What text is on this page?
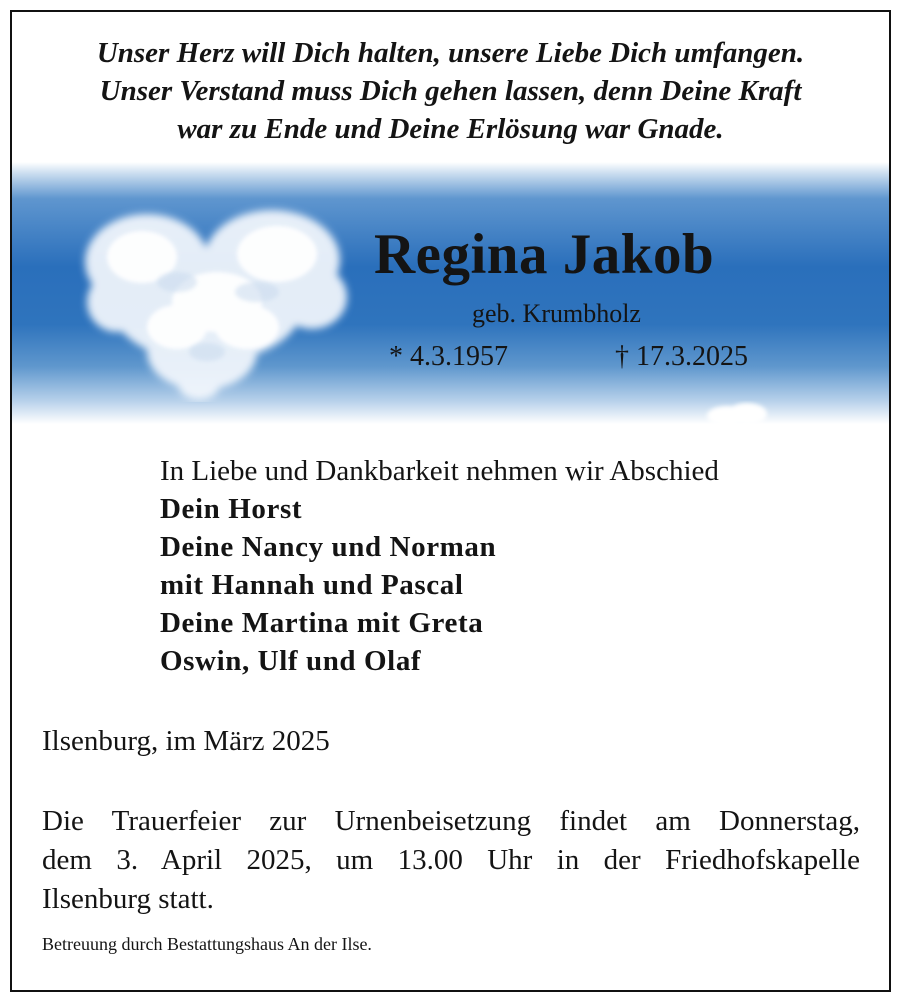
Unser Herz will Dich halten, unsere Liebe Dich umfangen.
Unser Verstand muss Dich gehen lassen, denn Deine Kraft
war zu Ende und Deine Erlösung war Gnade.
Regina Jakob
geb. Krumbholz
* 4.3.1957	† 17.3.2025
In Liebe und Dankbarkeit nehmen wir Abschied
Dein Horst
Deine Nancy und Norman
mit Hannah und Pascal
Deine Martina mit Greta
Oswin, Ulf und Olaf
Ilsenburg, im März 2025
Die Trauerfeier zur Urnenbeisetzung findet am Donnerstag,
dem 3. April 2025, um 13.00 Uhr in der Friedhofskapelle
Ilsenburg statt.
Betreuung durch Bestattungshaus An der Ilse.
